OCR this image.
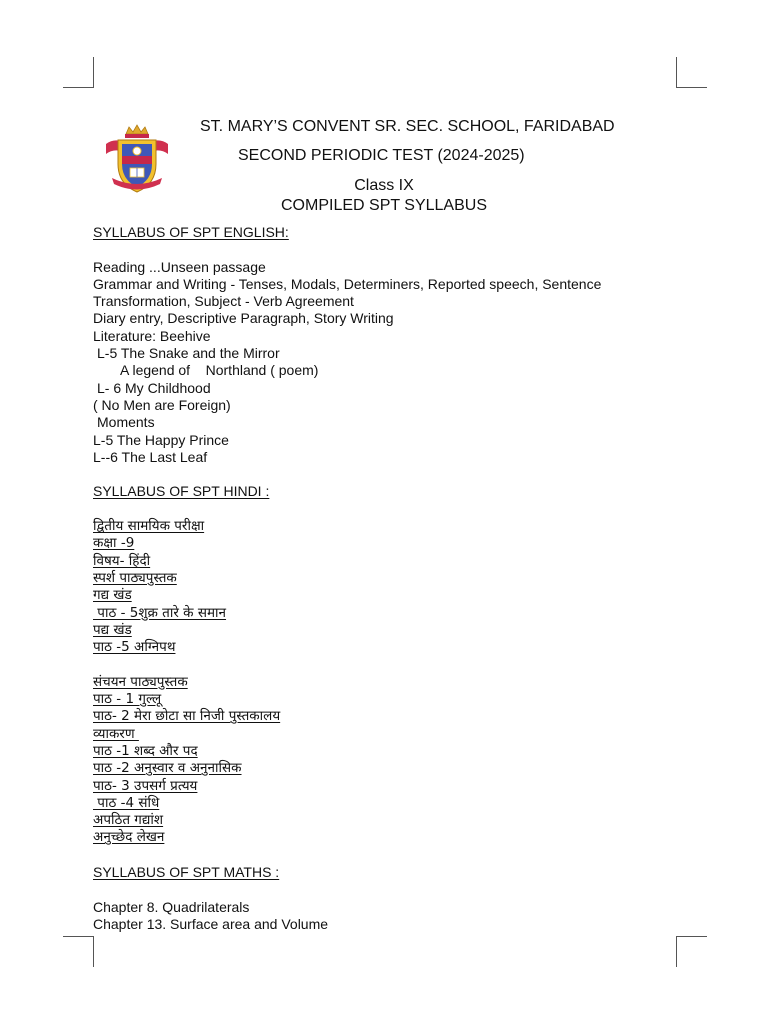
ST. MARY’S CONVENT SR. SEC. SCHOOL, FARIDABAD
SECOND PERIODIC TEST (2024-2025)
Class IX
COMPILED SPT SYLLABUS
SYLLABUS OF SPT ENGLISH:
Reading ...Unseen passage
Grammar and Writing - Tenses, Modals, Determiners, Reported speech, Sentence
Transformation, Subject - Verb Agreement
Diary entry, Descriptive Paragraph, Story Writing
Literature: Beehive
L-5 The Snake and the Mirror
A legend of    Northland ( poem)
L- 6 My Childhood
( No Men are Foreign)
Moments
L-5 The Happy Prince
L--6 The Last Leaf
SYLLABUS OF SPT HINDI :
द्वितीय सामयिक परीक्षा
कक्षा -9
विषय- हिंदी
स्पर्श पाठ्यपुस्तक
गद्य खंड
पाठ - 5शुक्र तारे के समान
पद्य खंड
पाठ -5 अग्निपथ
संचयन पाठ्यपुस्तक
पाठ - 1 गुल्लू
पाठ- 2 मेरा छोटा सा निजी पुस्तकालय
व्याकरण
पाठ -1 शब्द और पद
पाठ -2 अनुस्वार व अनुनासिक
पाठ- 3 उपसर्ग प्रत्यय
पाठ -4 संधि
अपठित गद्यांश
अनुच्छेद लेखन
SYLLABUS OF SPT MATHS :
Chapter 8. Quadrilaterals
Chapter 13. Surface area and Volume
